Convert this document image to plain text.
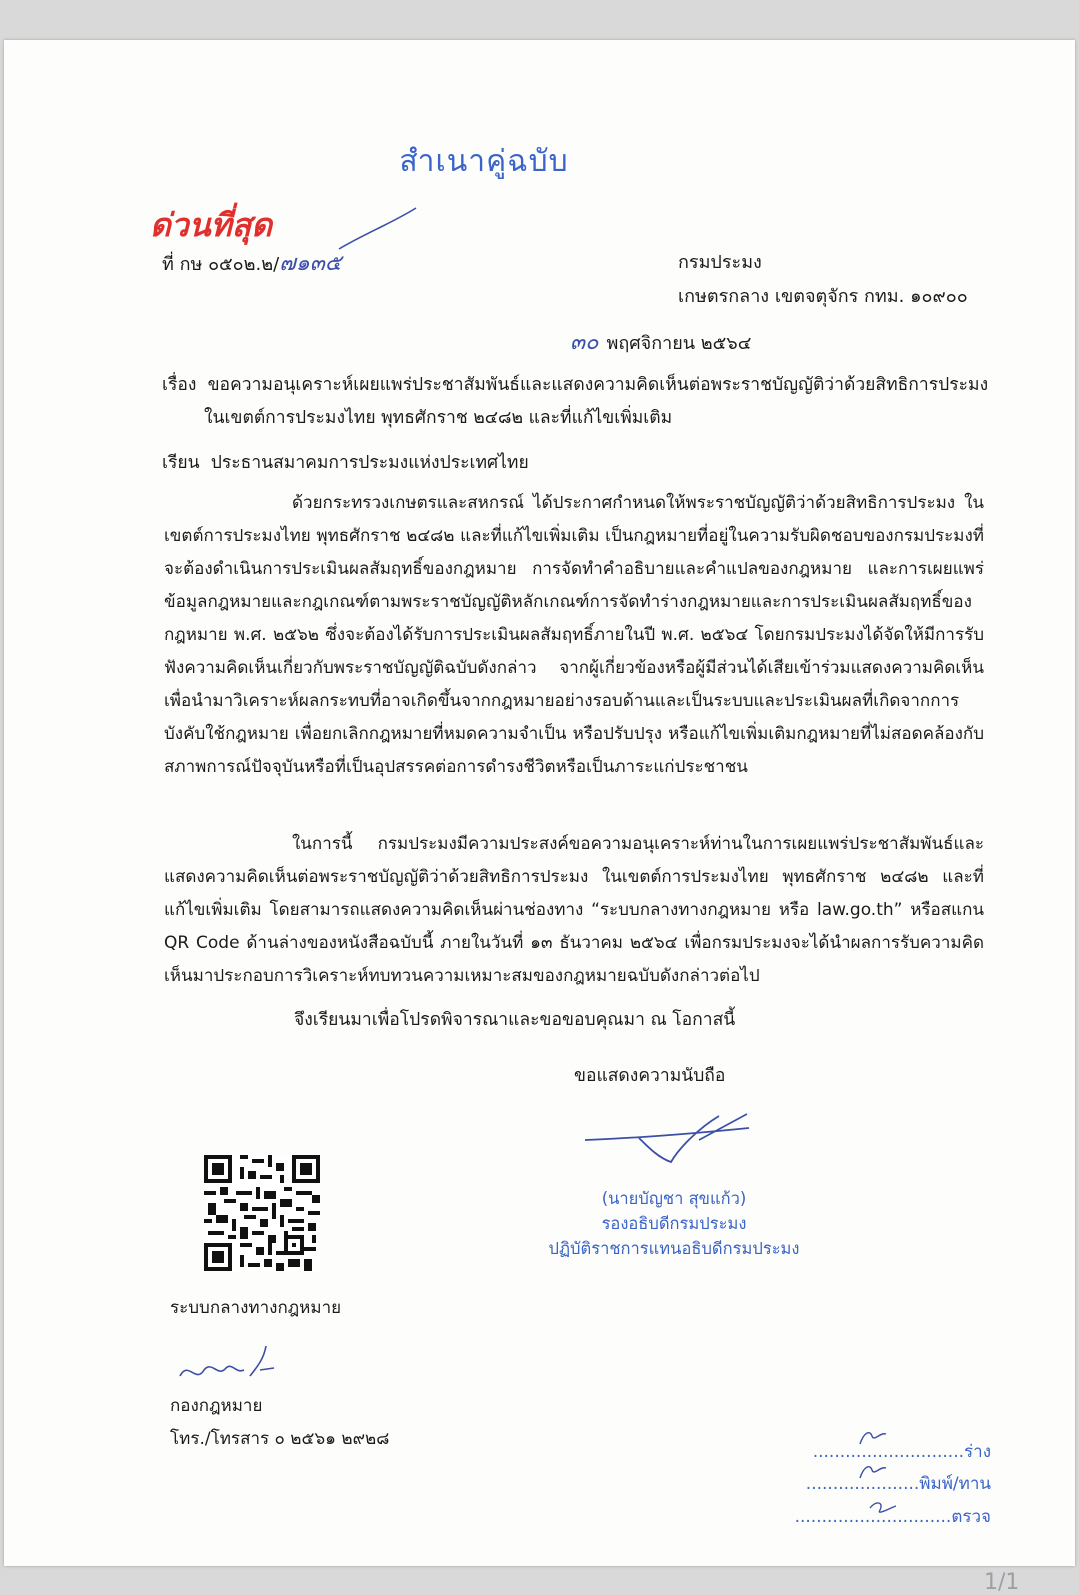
สำเนาคู่ฉบับ
ด่วนที่สุด
ที่ กษ ๐๕๐๒.๒/๗๑๓๕	กรมประมง
เกษตรกลาง เขตจตุจักร กทม. ๑๐๙๐๐
๓๐ พฤศจิกายน ๒๕๖๔
เรื่อง ขอความอนุเคราะห์เผยแพร่ประชาสัมพันธ์และแสดงความคิดเห็นต่อพระราชบัญญัติว่าด้วยสิทธิการประมง
ในเขตต์การประมงไทย พุทธศักราช ๒๔๘๒ และที่แก้ไขเพิ่มเติม
เรียน ประธานสมาคมการประมงแห่งประเทศไทย
ด้วยกระทรวงเกษตรและสหกรณ์ ได้ประกาศกำหนดให้พระราชบัญญัติว่าด้วยสิทธิการประมง ในเขตต์การประมงไทย พุทธศักราช ๒๔๘๒ และที่แก้ไขเพิ่มเติม เป็นกฎหมายที่อยู่ในความรับผิดชอบของกรมประมงที่จะต้องดำเนินการประเมินผลสัมฤทธิ์ของกฎหมาย การจัดทำคำอธิบายและคำแปลของกฎหมาย และการเผยแพร่ข้อมูลกฎหมายและกฎเกณฑ์ตามพระราชบัญญัติหลักเกณฑ์การจัดทำร่างกฎหมายและการประเมินผลสัมฤทธิ์ของกฎหมาย พ.ศ. ๒๕๖๒ ซึ่งจะต้องได้รับการประเมินผลสัมฤทธิ์ภายในปี พ.ศ. ๒๕๖๔ โดยกรมประมงได้จัดให้มีการรับฟังความคิดเห็นเกี่ยวกับพระราชบัญญัติฉบับดังกล่าว จากผู้เกี่ยวข้องหรือผู้มีส่วนได้เสียเข้าร่วมแสดงความคิดเห็น เพื่อนำมาวิเคราะห์ผลกระทบที่อาจเกิดขึ้นจากกฎหมายอย่างรอบด้านและเป็นระบบและประเมินผลที่เกิดจากการบังคับใช้กฎหมาย เพื่อยกเลิกกฎหมายที่หมดความจำเป็น หรือปรับปรุง หรือแก้ไขเพิ่มเติมกฎหมายที่ไม่สอดคล้องกับสภาพการณ์ปัจจุบันหรือที่เป็นอุปสรรคต่อการดำรงชีวิตหรือเป็นภาระแก่ประชาชน
ในการนี้ กรมประมงมีความประสงค์ขอความอนุเคราะห์ท่านในการเผยแพร่ประชาสัมพันธ์และแสดงความคิดเห็นต่อพระราชบัญญัติว่าด้วยสิทธิการประมง ในเขตต์การประมงไทย พุทธศักราช ๒๔๘๒ และที่แก้ไขเพิ่มเติม โดยสามารถแสดงความคิดเห็นผ่านช่องทาง “ระบบกลางทางกฎหมาย หรือ law.go.th” หรือสแกน QR Code ด้านล่างของหนังสือฉบับนี้ ภายในวันที่ ๑๓ ธันวาคม ๒๕๖๔ เพื่อกรมประมงจะได้นำผลการรับความคิดเห็นมาประกอบการวิเคราะห์ทบทวนความเหมาะสมของกฎหมายฉบับดังกล่าวต่อไป
จึงเรียนมาเพื่อโปรดพิจารณาและขอขอบคุณมา ณ โอกาสนี้
ขอแสดงความนับถือ
(นายบัญชา สุขแก้ว)
รองอธิบดีกรมประมง
ปฏิบัติราชการแทนอธิบดีกรมประมง
ระบบกลางทางกฎหมาย
กองกฎหมาย
โทร./โทรสาร ๐ ๒๕๖๑ ๒๙๒๘
............................ร่าง
.....................พิมพ์/ทาน
.............................ตรวจ
1/1
